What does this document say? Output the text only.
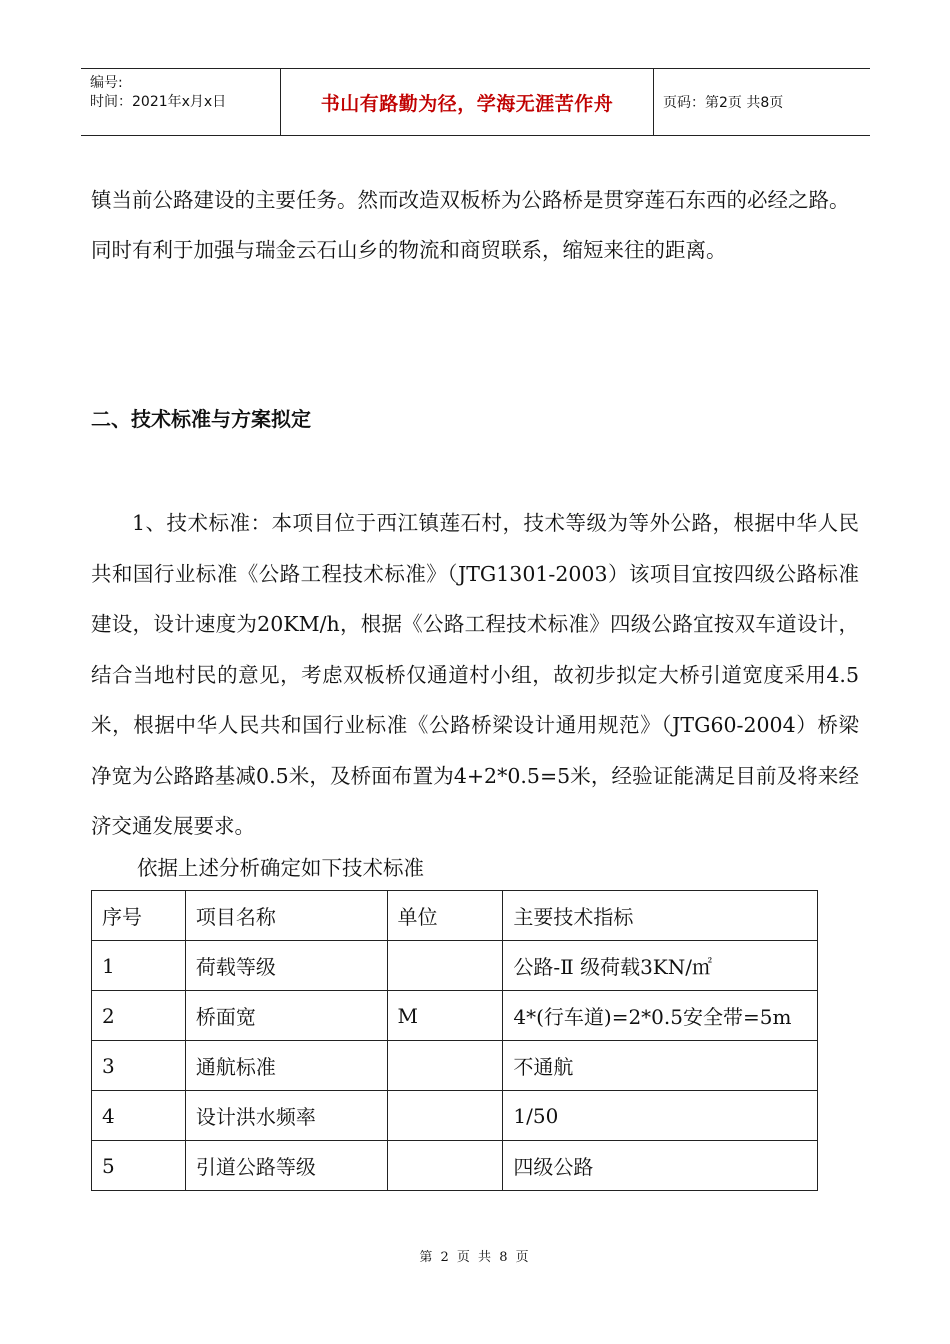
编号:
时间：2021年x月x日	书山有路勤为径，学海无涯苦作舟	页码：第2页 共8页

镇当前公路建设的主要任务。然而改造双板桥为公路桥是贯穿莲石东西的必经之路。同时有利于加强与瑞金云石山乡的物流和商贸联系，缩短来往的距离。

二、技术标准与方案拟定

1、技术标准：本项目位于西江镇莲石村，技术等级为等外公路，根据中华人民共和国行业标准《公路工程技术标准》（JTG1301-2003）该项目宜按四级公路标准建设，设计速度为20KM/h，根据《公路工程技术标准》四级公路宜按双车道设计，结合当地村民的意见，考虑双板桥仅通道村小组，故初步拟定大桥引道宽度采用4.5米，根据中华人民共和国行业标准《公路桥梁设计通用规范》（JTG60-2004）桥梁净宽为公路路基减0.5米，及桥面布置为4+2*0.5=5米，经验证能满足目前及将来经济交通发展要求。

依据上述分析确定如下技术标准

序号	项目名称	单位	主要技术指标
1	荷载等级		公路-Ⅱ 级荷载3KN/㎡
2	桥面宽	M	4*(行车道)=2*0.5安全带=5m
3	通航标准		不通航
4	设计洪水频率		1/50
5	引道公路等级		四级公路
第 2 页 共 8 页
